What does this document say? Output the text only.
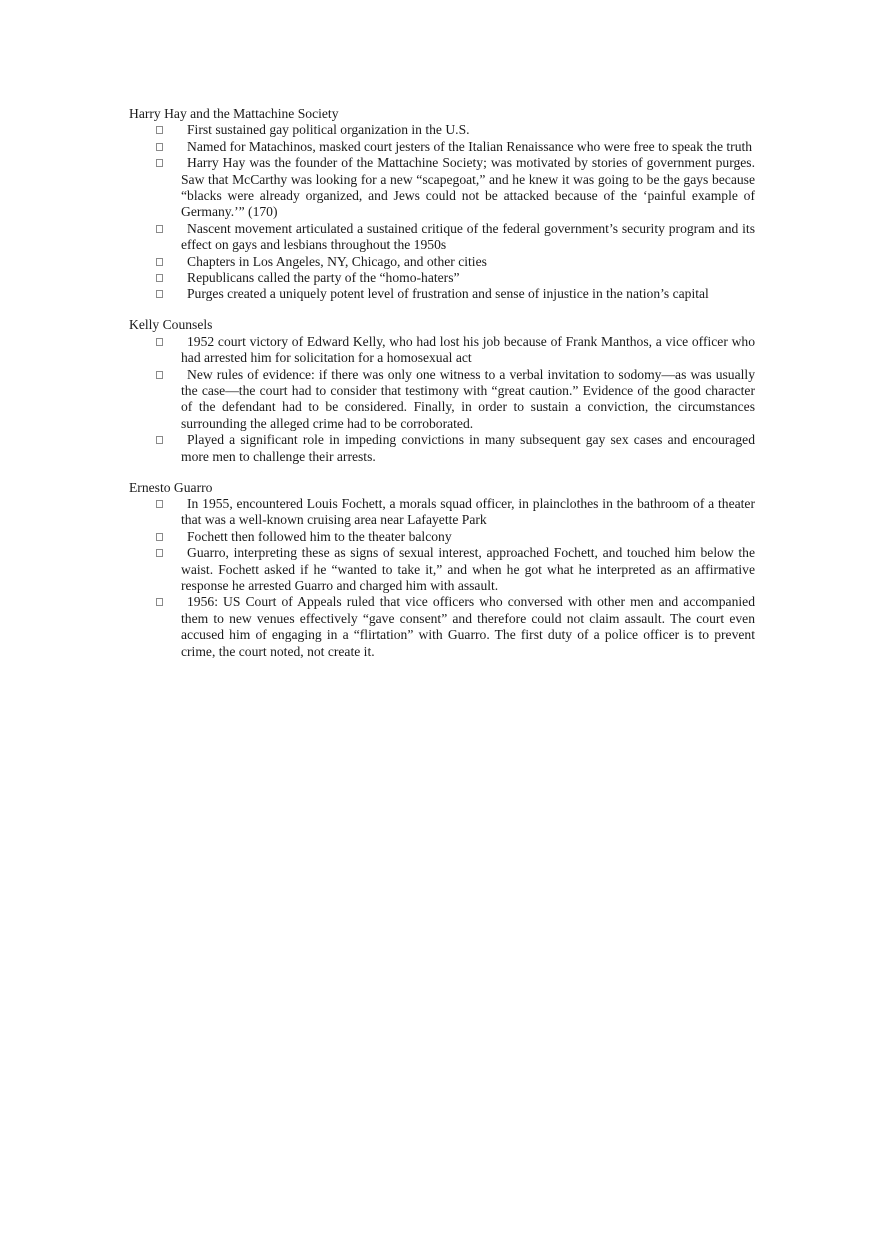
Harry Hay and the Mattachine Society

First sustained gay political organization in the U.S.
Named for Matachinos, masked court jesters of the Italian Renaissance who were free to speak the truth
Harry Hay was the founder of the Mattachine Society; was motivated by stories of government purges. Saw that McCarthy was looking for a new “scapegoat,” and he knew it was going to be the gays because “blacks were already organized, and Jews could not be attacked because of the ‘painful example of Germany.’” (170)
Nascent movement articulated a sustained critique of the federal government’s security program and its effect on gays and lesbians throughout the 1950s
Chapters in Los Angeles, NY, Chicago, and other cities
Republicans called the party of the “homo-haters”
Purges created a uniquely potent level of frustration and sense of injustice in the nation’s capital

Kelly Counsels

1952 court victory of Edward Kelly, who had lost his job because of Frank Manthos, a vice officer who had arrested him for solicitation for a homosexual act
New rules of evidence: if there was only one witness to a verbal invitation to sodomy—as was usually the case—the court had to consider that testimony with “great caution.” Evidence of the good character of the defendant had to be considered. Finally, in order to sustain a conviction, the circumstances surrounding the alleged crime had to be corroborated.
Played a significant role in impeding convictions in many subsequent gay sex cases and encouraged more men to challenge their arrests.

Ernesto Guarro

In 1955, encountered Louis Fochett, a morals squad officer, in plainclothes in the bathroom of a theater that was a well-known cruising area near Lafayette Park
Fochett then followed him to the theater balcony
Guarro, interpreting these as signs of sexual interest, approached Fochett, and touched him below the waist. Fochett asked if he “wanted to take it,” and when he got what he interpreted as an affirmative response he arrested Guarro and charged him with assault.
1956: US Court of Appeals ruled that vice officers who conversed with other men and accompanied them to new venues effectively “gave consent” and therefore could not claim assault. The court even accused him of engaging in a “flirtation” with Guarro. The first duty of a police officer is to prevent crime, the court noted, not create it.
